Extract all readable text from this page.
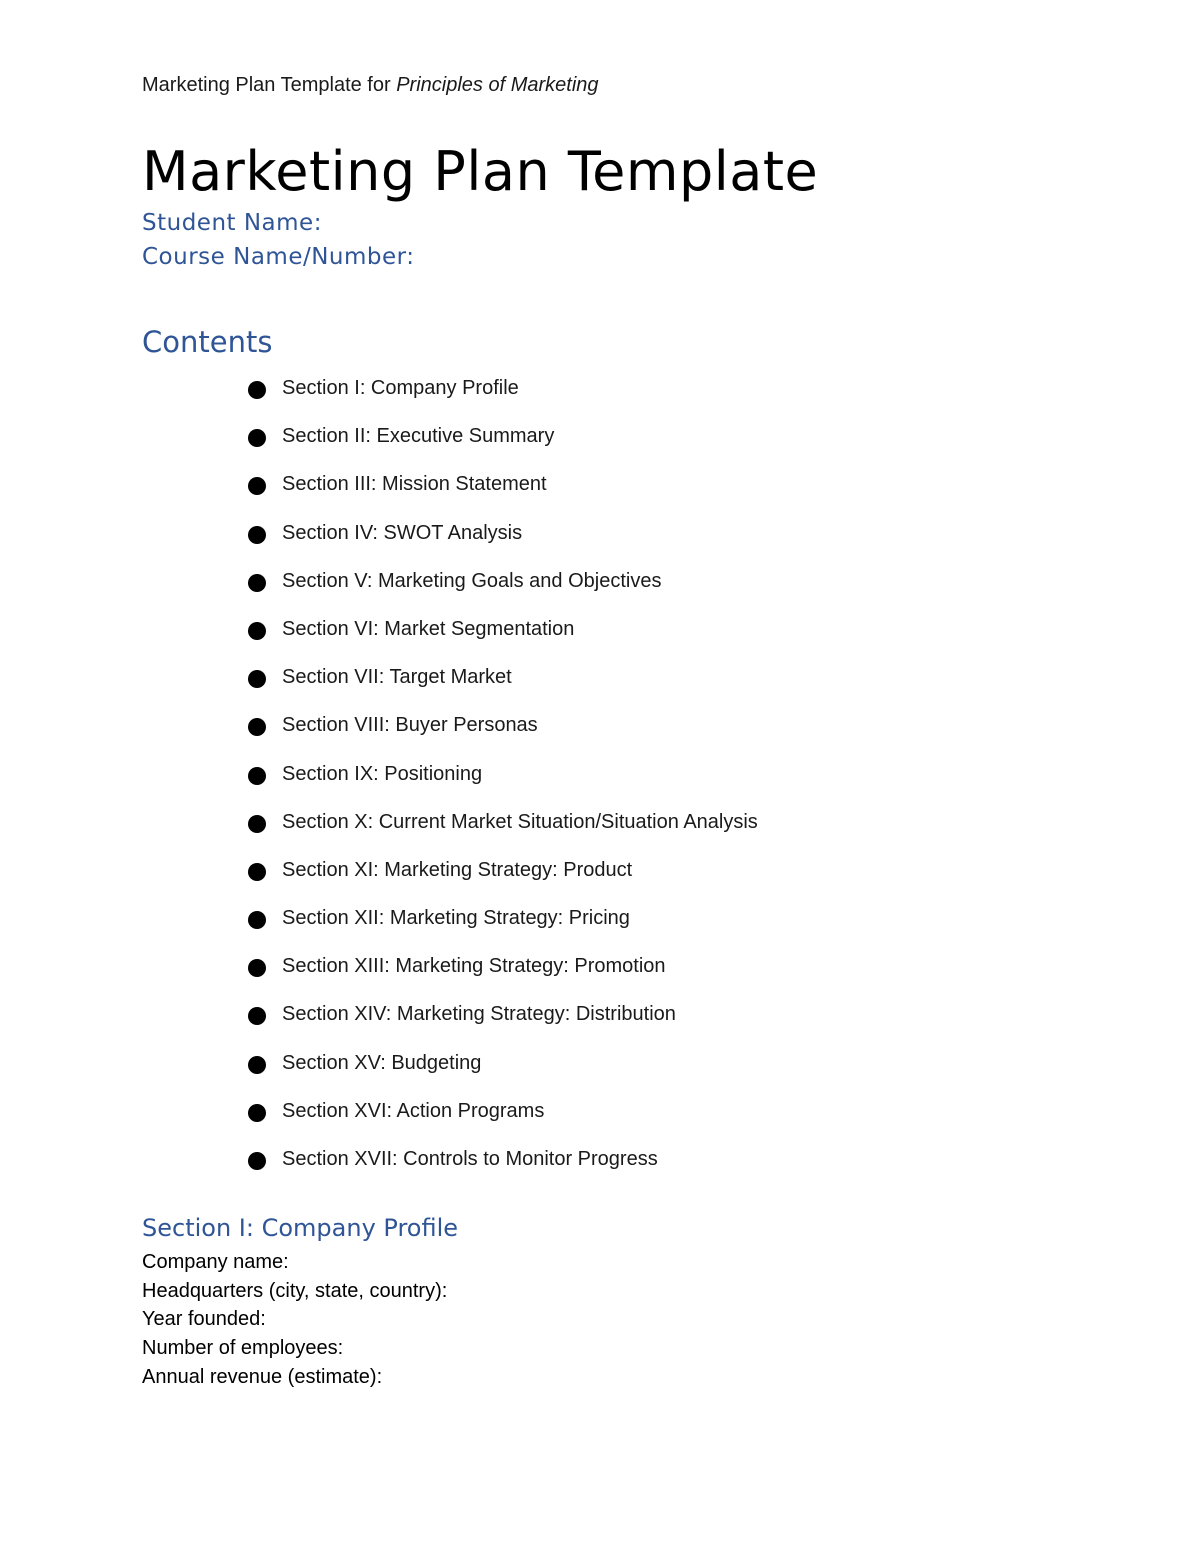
Marketing Plan Template for Principles of Marketing
Marketing Plan Template
Student Name:
Course Name/Number:
Contents
Section I: Company Profile
Section II: Executive Summary
Section III: Mission Statement
Section IV: SWOT Analysis
Section V: Marketing Goals and Objectives
Section VI: Market Segmentation
Section VII: Target Market
Section VIII: Buyer Personas
Section IX: Positioning
Section X: Current Market Situation/Situation Analysis
Section XI: Marketing Strategy: Product
Section XII: Marketing Strategy: Pricing
Section XIII: Marketing Strategy: Promotion
Section XIV: Marketing Strategy: Distribution
Section XV: Budgeting
Section XVI: Action Programs
Section XVII: Controls to Monitor Progress
Section I: Company Profile
Company name:
Headquarters (city, state, country):
Year founded:
Number of employees:
Annual revenue (estimate):
